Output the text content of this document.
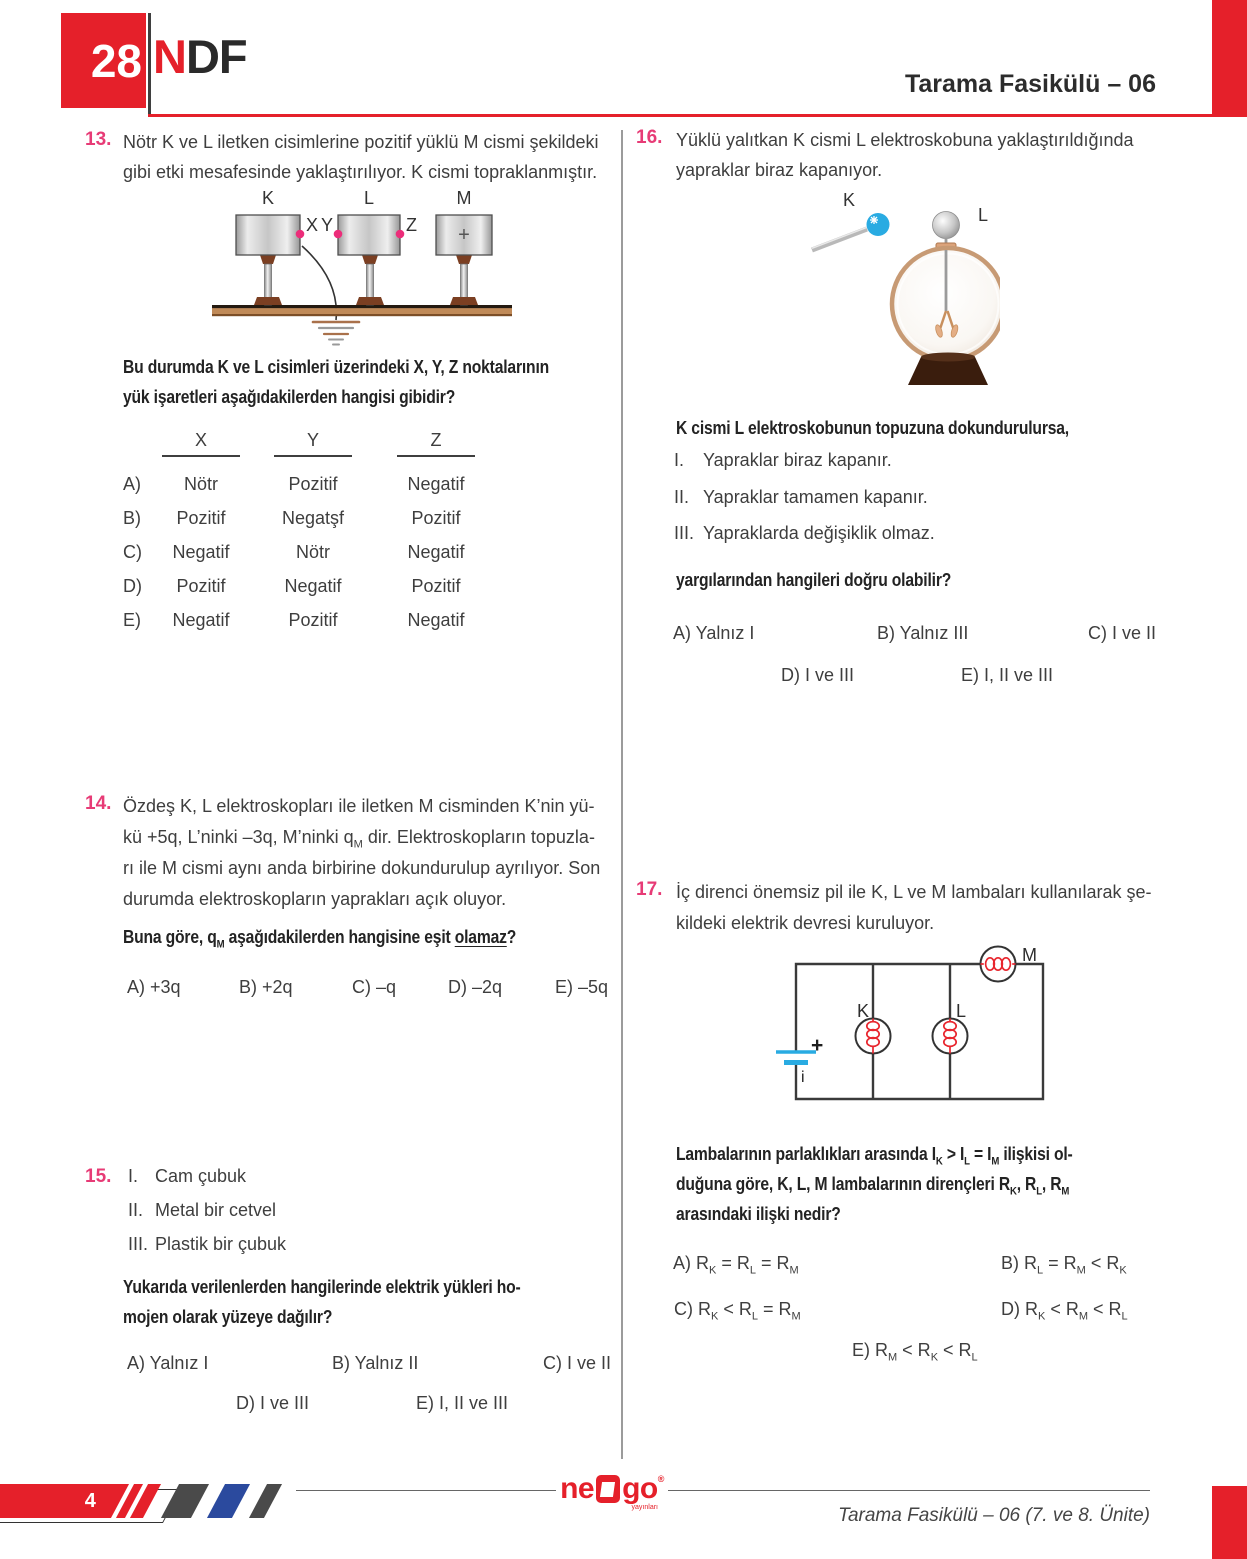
28 NDF
Tarama Fasikülü – 06
13. Nötr K ve L iletken cisimlerine pozitif yüklü M cismi şekildeki
gibi etki mesafesinde yaklaştırılıyor. K cismi topraklanmıştır.
+
K	L	M
X Y	Z
Bu durumda K ve L cisimleri üzerindeki X, Y, Z noktalarının
yük işaretleri aşağıdakilerden hangisi gibidir?
X	Y	Z
A)	Nötr	Pozitif	Negatif
B)	Pozitif	Negatşf	Pozitif
C)	Negatif	Nötr	Negatif
D)	Pozitif	Negatif	Pozitif
E)	Negatif	Pozitif	Negatif
14. Özdeş K, L elektroskopları ile iletken M cisminden K’nin yü-
kü +5q, L’ninki –3q, M’ninki $q_M$ dir. Elektroskopların topuzla-
rı ile M cismi aynı anda birbirine dokundurulup ayrılıyor. Son
durumda elektroskopların yaprakları açık oluyor.
Buna göre, $q_M$ aşağıdakilerden hangisine eşit olamaz?
A) +3q	B) +2q	C) –q	D) –2q	E) –5q
15. I. Cam çubuk
II. Metal bir cetvel
III. Plastik bir çubuk
Yukarıda verilenlerden hangilerinde elektrik yükleri ho-
mojen olarak yüzeye dağılır?
A) Yalnız I	B) Yalnız II	C) I ve II
D) I ve III	E) I, II ve III
16. Yüklü yalıtkan K cismi L elektroskobuna yaklaştırıldığında
yapraklar biraz kapanıyor.
K
L
K cismi L elektroskobunun topuzuna dokundurulursa,
I. Yapraklar biraz kapanır.
II. Yapraklar tamamen kapanır.
III. Yapraklarda değişiklik olmaz.
yargılarından hangileri doğru olabilir?
A) Yalnız I	B) Yalnız III	C) I ve II
D) I ve III	E) I, II ve III
17. İç direnci önemsiz pil ile K, L ve M lambaları kullanılarak şe-
kildeki elektrik devresi kuruluyor.
+
i
K	L
M
Lambalarının parlaklıkları arasında $I_K > I_L = I_M$ ilişkisi ol-
duğuna göre, K, L, M lambalarının dirençleri $R_K$, $R_L$, $R_M$
arasındaki ilişki nedir?
A) $R_K = R_L = R_M$	B) $R_L = R_M < R_K$
C) $R_K < R_L = R_M$	D) $R_K < R_M < R_L$
E) $R_M < R_K < R_L$
4	ne go ®
yayınları	Tarama Fasikülü – 06 (7. ve 8. Ünite)
